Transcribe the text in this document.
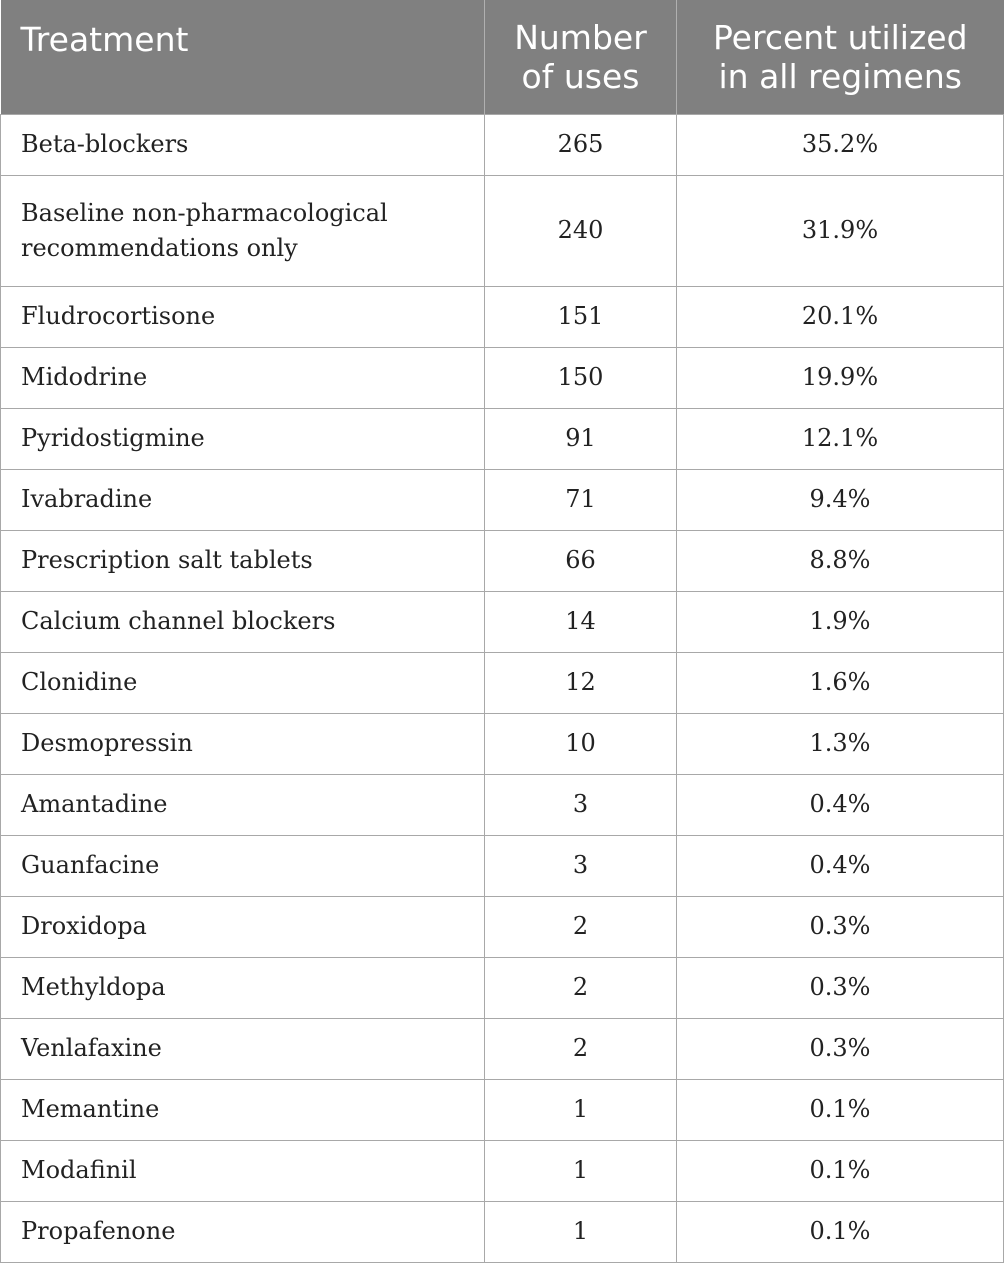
Treatment	Number of uses	Percent utilized in all regimens
Beta-blockers	265	35.2%
Baseline non-pharmacological recommendations only	240	31.9%
Fludrocortisone	151	20.1%
Midodrine	150	19.9%
Pyridostigmine	91	12.1%
Ivabradine	71	9.4%
Prescription salt tablets	66	8.8%
Calcium channel blockers	14	1.9%
Clonidine	12	1.6%
Desmopressin	10	1.3%
Amantadine	3	0.4%
Guanfacine	3	0.4%
Droxidopa	2	0.3%
Methyldopa	2	0.3%
Venlafaxine	2	0.3%
Memantine	1	0.1%
Modafinil	1	0.1%
Propafenone	1	0.1%
